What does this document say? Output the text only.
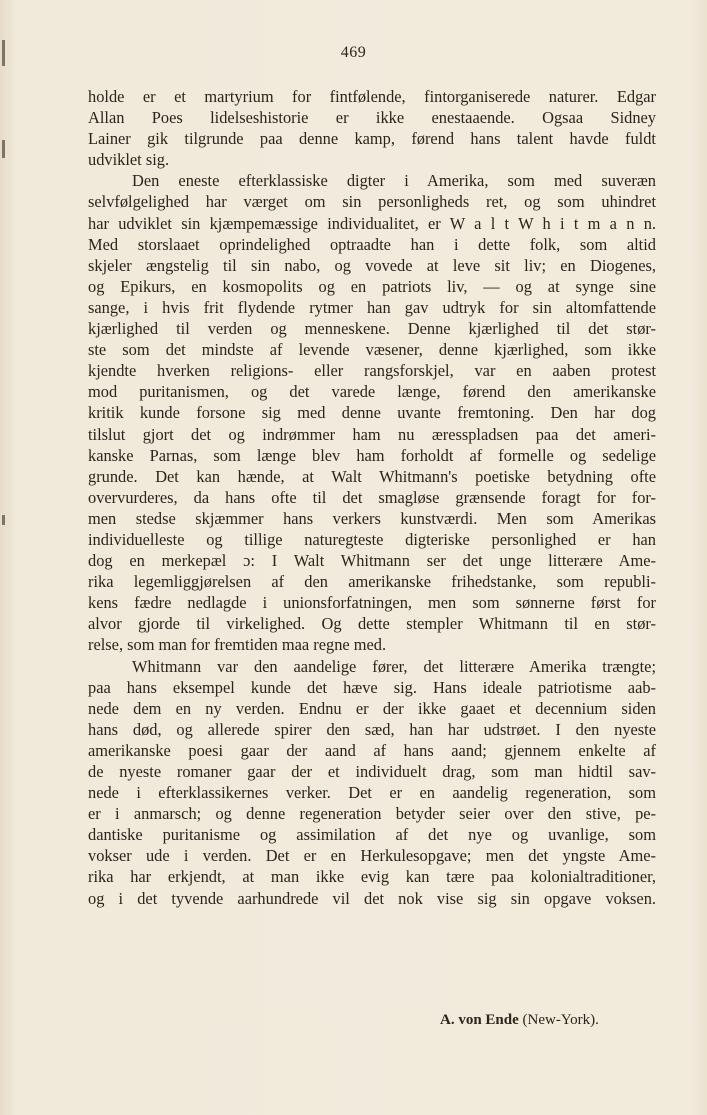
469
holde er et martyrium for fintfølende, fintorganiserede naturer. Edgar
Allan Poes lidelseshistorie er ikke enestaaende. Ogsaa Sidney
Lainer gik tilgrunde paa denne kamp, førend hans talent havde fuldt
udviklet sig.
Den eneste efterklassiske digter i Amerika, som med suveræn
selvfølgelighed har værget om sin personligheds ret, og som uhindret
har udviklet sin kjæmpemæssige individualitet, er W a l t W h i t m a n n.
Med storslaaet oprindelighed optraadte han i dette folk, som altid
skjeler ængstelig til sin nabo, og vovede at leve sit liv; en Diogenes,
og Epikurs, en kosmopolits og en patriots liv, — og at synge sine
sange, i hvis frit flydende rytmer han gav udtryk for sin altomfattende
kjærlighed til verden og menneskene. Denne kjærlighed til det stør-
ste som det mindste af levende væsener, denne kjærlighed, som ikke
kjendte hverken religions- eller rangsforskjel, var en aaben protest
mod puritanismen, og det varede længe, førend den amerikanske
kritik kunde forsone sig med denne uvante fremtoning. Den har dog
tilslut gjort det og indrømmer ham nu æresspladsen paa det ameri-
kanske Parnas, som længe blev ham forholdt af formelle og sedelige
grunde. Det kan hænde, at Walt Whitmann's poetiske betydning ofte
overvurderes, da hans ofte til det smagløse grænsende foragt for for-
men stedse skjæmmer hans verkers kunstværdi. Men som Amerikas
individuelleste og tillige naturegteste digteriske personlighed er han
dog en merkepæl ɔ: I Walt Whitmann ser det unge litterære Ame-
rika legemliggjørelsen af den amerikanske frihedstanke, som republi-
kens fædre nedlagde i unionsforfatningen, men som sønnerne først for
alvor gjorde til virkelighed. Og dette stempler Whitmann til en stør-
relse, som man for fremtiden maa regne med.
Whitmann var den aandelige fører, det litterære Amerika trængte;
paa hans eksempel kunde det hæve sig. Hans ideale patriotisme aab-
nede dem en ny verden. Endnu er der ikke gaaet et decennium siden
hans død, og allerede spirer den sæd, han har udstrøet. I den nyeste
amerikanske poesi gaar der aand af hans aand; gjennem enkelte af
de nyeste romaner gaar der et individuelt drag, som man hidtil sav-
nede i efterklassikernes verker. Det er en aandelig regeneration, som
er i anmarsch; og denne regeneration betyder seier over den stive, pe-
dantiske puritanisme og assimilation af det nye og uvanlige, som
vokser ude i verden. Det er en Herkulesopgave; men det yngste Ame-
rika har erkjendt, at man ikke evig kan tære paa kolonialtraditioner,
og i det tyvende aarhundrede vil det nok vise sig sin opgave voksen.
A. von Ende (New-York).
